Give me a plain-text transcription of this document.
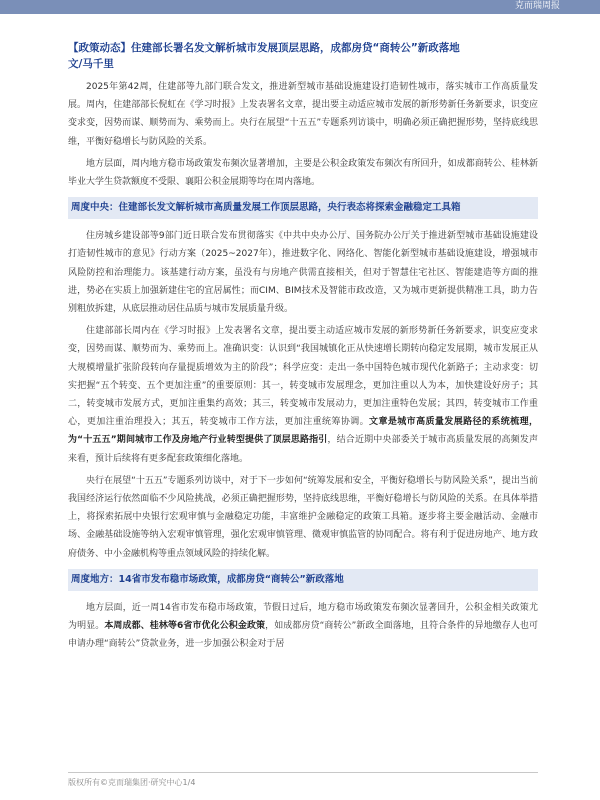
克而瑞周报
【政策动态】住建部长署名发文解析城市发展顶层思路，成都房贷“商转公”新政落地
文/马千里

2025年第42周，住建部等九部门联合发文，推进新型城市基础设施建设打造韧性城市，落实城市工作高质量发展。周内，住建部部长倪虹在《学习时报》上发表署名文章，提出要主动适应城市发展的新形势新任务新要求，识变应变求变，因势而谋、顺势而为、乘势而上。央行在展望“十五五”专题系列访谈中，明确必须正确把握形势，坚持底线思维，平衡好稳增长与防风险的关系。

地方层面，周内地方稳市场政策发布频次显著增加，主要是公积金政策发布频次有所回升，如成都商转公、桂林新毕业大学生贷款额度不受限、襄阳公积金展期等均在周内落地。

周度中央：住建部长发文解析城市高质量发展工作顶层思路，央行表态将探索金融稳定工具箱

住房城乡建设部等9部门近日联合发布贯彻落实《中共中央办公厅、国务院办公厅关于推进新型城市基础设施建设打造韧性城市的意见》行动方案（2025~2027年），推进数字化、网络化、智能化新型城市基础设施建设，增强城市风险防控和治理能力。该基建行动方案，虽没有与房地产供需直接相关，但对于智慧住宅社区、智能建造等方面的推进，势必在实质上加强新建住宅的宜居属性；而CIM、BIM技术及智能市政改造，又为城市更新提供精准工具，助力告别粗放拆建，从底层推动居住品质与城市发展质量升级。

住建部部长周内在《学习时报》上发表署名文章，提出要主动适应城市发展的新形势新任务新要求，识变应变求变，因势而谋、顺势而为、乘势而上。准确识变：认识到“我国城镇化正从快速增长期转向稳定发展期，城市发展正从大规模增量扩张阶段转向存量提质增效为主的阶段”；科学应变：走出一条中国特色城市现代化新路子；主动求变：切实把握“五个转变、五个更加注重”的重要原则：其一，转变城市发展理念，更加注重以人为本，加快建设好房子；其二，转变城市发展方式，更加注重集约高效；其三，转变城市发展动力，更加注重特色发展；其四，转变城市工作重心，更加注重治理投入；其五，转变城市工作方法，更加注重统筹协调。文章是城市高质量发展路径的系统梳理，为“十五五”期间城市工作及房地产行业转型提供了顶层思路指引，结合近期中央部委关于城市高质量发展的高频发声来看，预计后续将有更多配套政策细化落地。

央行在展望“十五五”专题系列访谈中，对于下一步如何“统筹发展和安全，平衡好稳增长与防风险关系”，提出当前我国经济运行依然面临不少风险挑战，必须正确把握形势，坚持底线思维，平衡好稳增长与防风险的关系。在具体举措上，将探索拓展中央银行宏观审慎与金融稳定功能，丰富维护金融稳定的政策工具箱。逐步将主要金融活动、金融市场、金融基础设施等纳入宏观审慎管理，强化宏观审慎管理、微观审慎监管的协同配合。将有利于促进房地产、地方政府债务、中小金融机构等重点领域风险的持续化解。

周度地方：14省市发布稳市场政策，成都房贷“商转公”新政落地

地方层面，近一周14省市发布稳市场政策，节假日过后，地方稳市场政策发布频次显著回升，公积金相关政策尤为明显。本周成都、桂林等6省市优化公积金政策，如成都房贷“商转公”新政全面落地，且符合条件的异地缴存人也可申请办理“商转公”贷款业务，进一步加强公积金对于居

版权所有©克而瑞集团·研究中心1/4
